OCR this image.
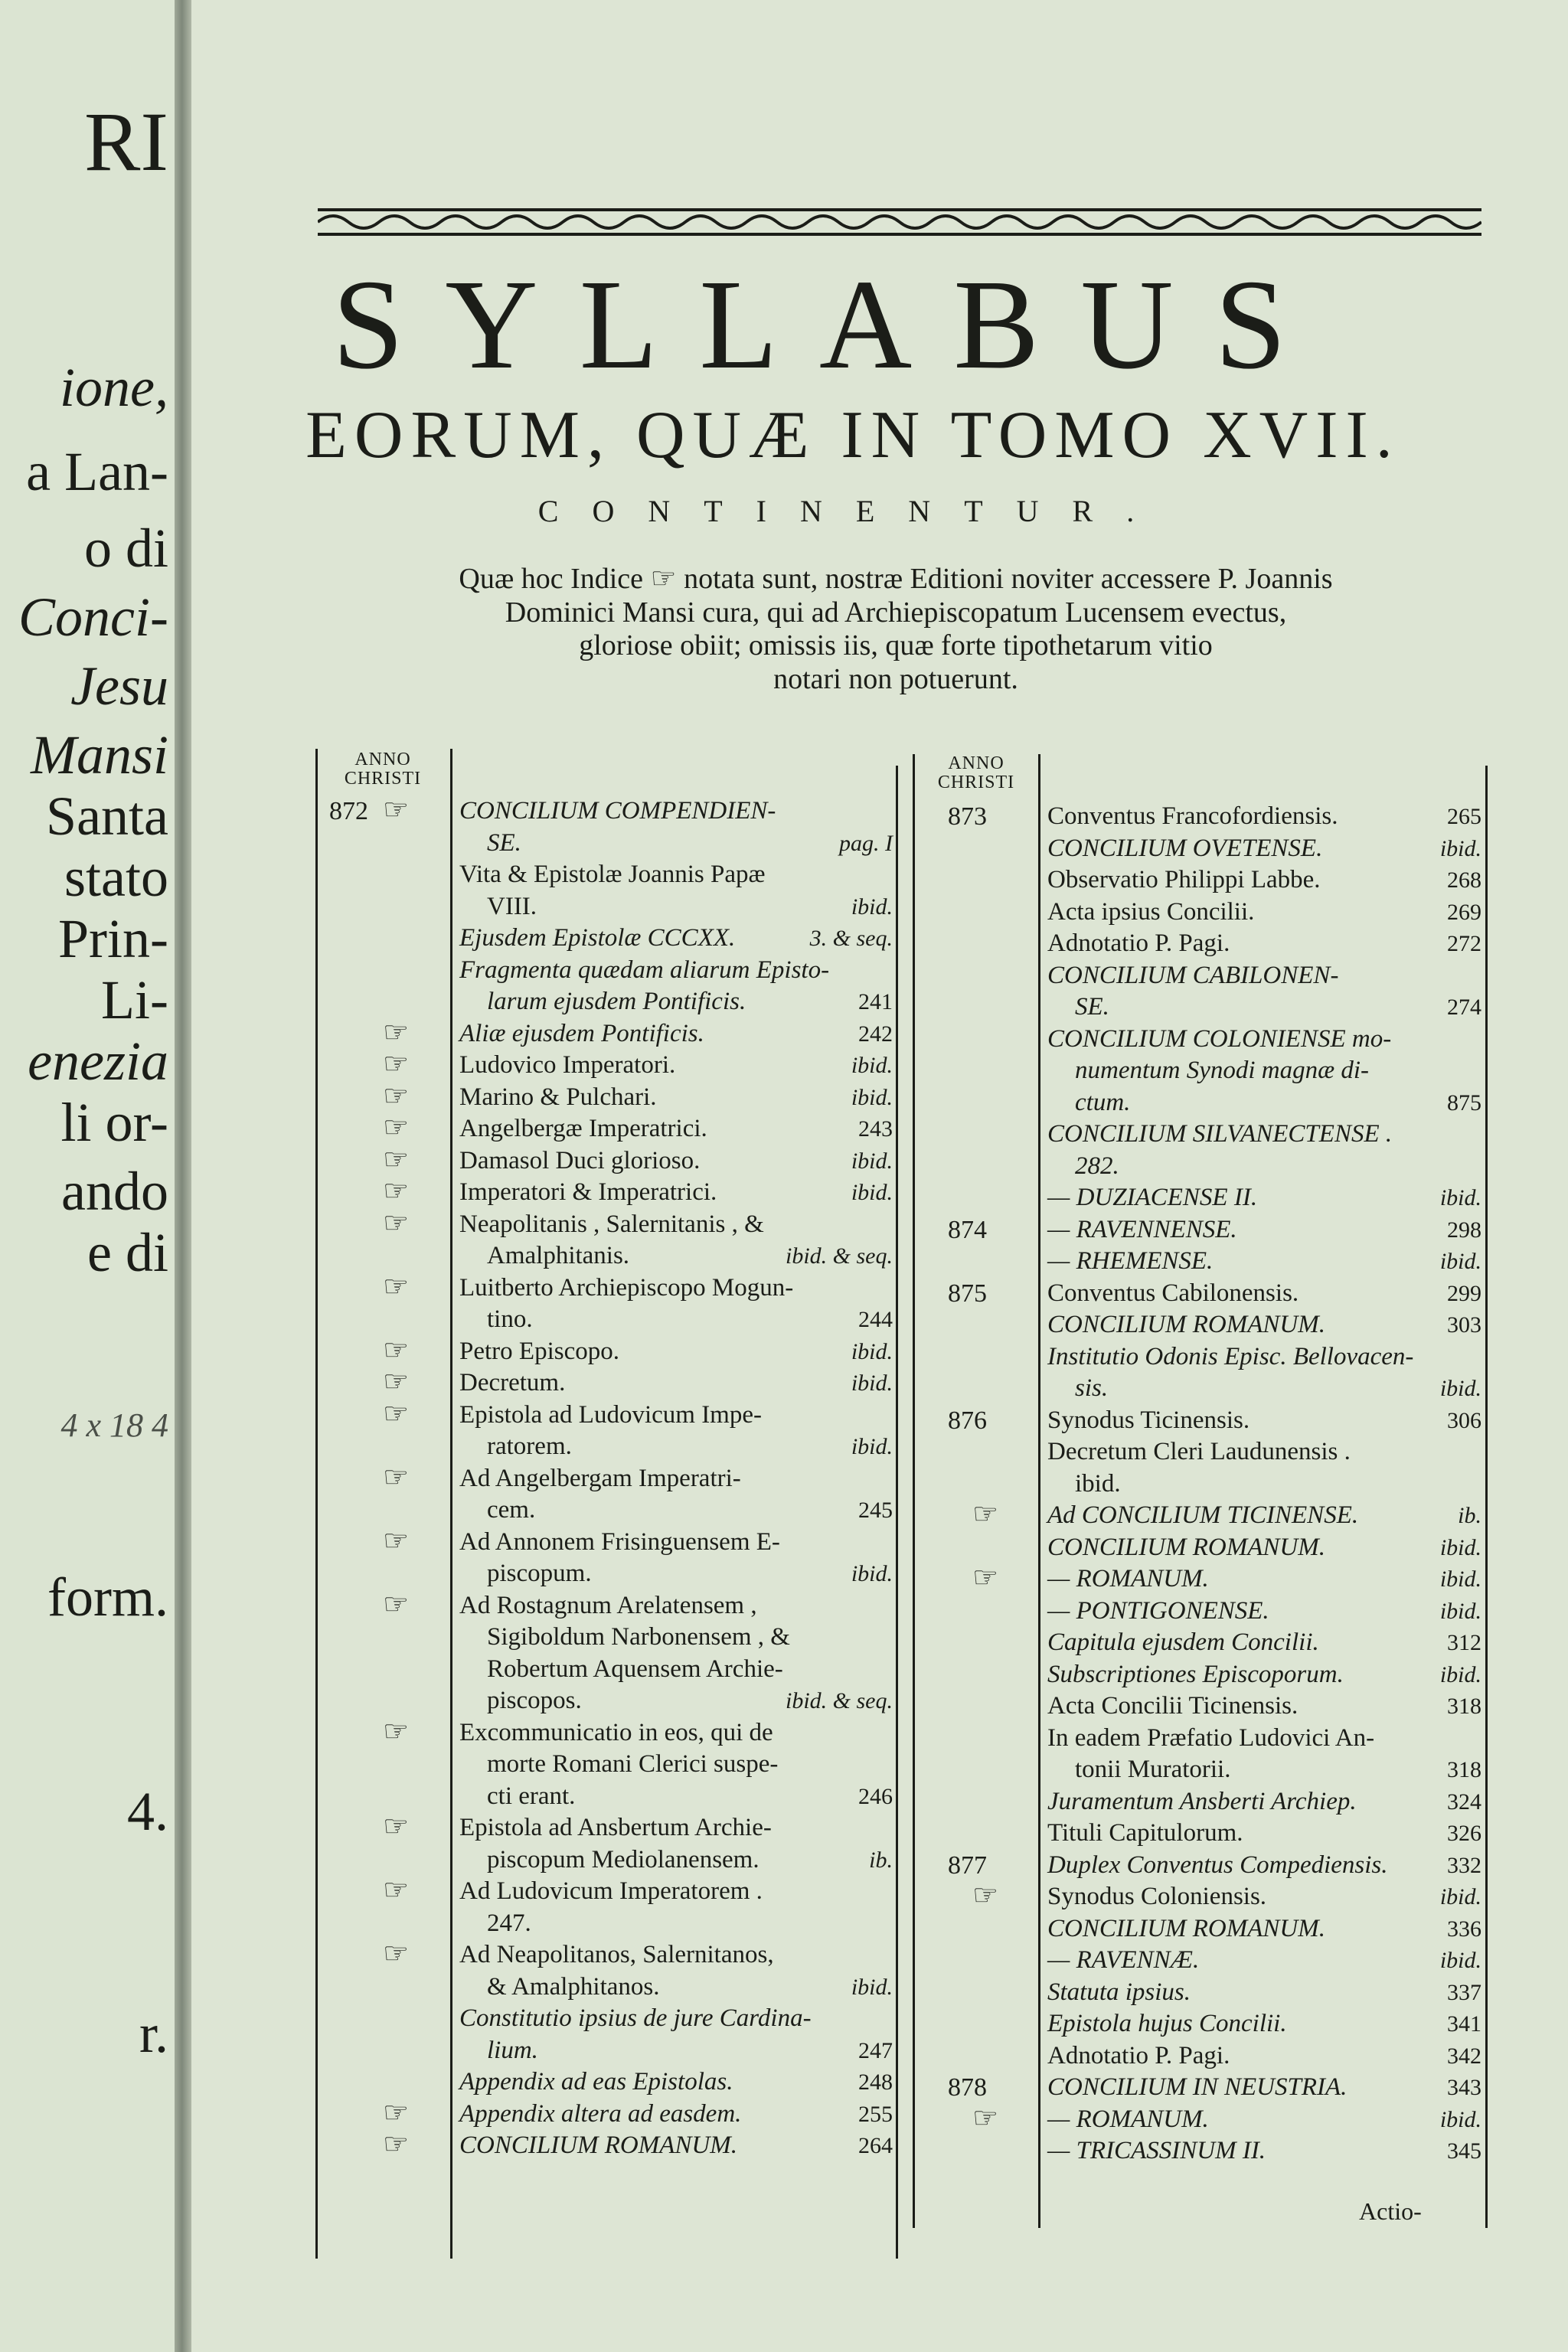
SYLLABUS
EORUM, QUÆ IN TOMO XVII.
CONTINENTUR.
Quæ hoc Indice ☞ notata sunt, nostræ Editioni noviter accessere P. Joannis
Dominici Mansi cura, qui ad Archiepiscopatum Lucensem evectus,
gloriose obiit; omissis iis, quæ forte tipothetarum vitio
notari non potuerunt.
RI
ione,
a Lan-
o di
Conci-
Jesu
Mansi
Santa
stato
Prin-
Li-
enezia
li or-
ando
e di
4 x 18 4
form.
4.
r.
ANNO CHRISTI
872 ☞ CONCILIUM COMPENDIEN-
SE.	pag. I
Vita & Epistolæ Joannis Papæ
VIII.	ibid.
Ejusdem Epistolæ CCCXX.	3. & seq.
Fragmenta quædam aliarum Episto-
larum ejusdem Pontificis.	241
☞ Aliæ ejusdem Pontificis.	242
☞ Ludovico Imperatori.	ibid.
☞ Marino & Pulchari.	ibid.
☞ Angelbergæ Imperatrici.	243
☞ Damasol Duci glorioso.	ibid.
☞ Imperatori & Imperatrici.	ibid.
☞ Neapolitanis , Salernitanis , &
Amalphitanis.	ibid. & seq.
☞ Luitberto Archiepiscopo Mogun-
tino.	244
☞ Petro Episcopo.	ibid.
☞ Decretum.	ibid.
☞ Epistola ad Ludovicum Impe-
ratorem.	ibid.
☞ Ad Angelbergam Imperatri-
cem.	245
☞ Ad Annonem Frisinguensem E-
piscopum.	ibid.
☞ Ad Rostagnum Arelatensem ,
Sigiboldum Narbonensem , &
Robertum Aquensem Archie-
piscopos.	ibid. & seq.
☞ Excommunicatio in eos, qui de
morte Romani Clerici suspe-
cti erant.	246
☞ Epistola ad Ansbertum Archie-
piscopum Mediolanensem.	ib.
☞ Ad Ludovicum Imperatorem .
247.
☞ Ad Neapolitanos, Salernitanos,
& Amalphitanos.	ibid.
Constitutio ipsius de jure Cardina-
lium.	247
Appendix ad eas Epistolas.	248
☞ Appendix altera ad easdem.	255
☞ CONCILIUM ROMANUM.	264
ANNO CHRISTI
873 Conventus Francofordiensis.	265
CONCILIUM OVETENSE.	ibid.
Observatio Philippi Labbe.	268
Acta ipsius Concilii.	269
Adnotatio P. Pagi.	272
CONCILIUM CABILONEN-
SE.	274
CONCILIUM COLONIENSE mo-
numentum Synodi magnæ di-
ctum.	875
CONCILIUM SILVANECTENSE .
282.
— DUZIACENSE II.	ibid.
874 — RAVENNENSE.	298
— RHEMENSE.	ibid.
875 Conventus Cabilonensis.	299
CONCILIUM ROMANUM.	303
Institutio Odonis Episc. Bellovacen-
sis.	ibid.
876 Synodus Ticinensis.	306
Decretum Cleri Laudunensis .
ibid.
☞ Ad CONCILIUM TICINENSE.	ib.
CONCILIUM ROMANUM.	ibid.
☞ — ROMANUM.	ibid.
— PONTIGONENSE.	ibid.
Capitula ejusdem Concilii.	312
Subscriptiones Episcoporum.	ibid.
Acta Concilii Ticinensis.	318
In eadem Præfatio Ludovici An-
tonii Muratorii.	318
Juramentum Ansberti Archiep.	324
Tituli Capitulorum.	326
877 Duplex Conventus Compediensis.	332
☞ Synodus Coloniensis.	ibid.
CONCILIUM ROMANUM.	336
— RAVENNÆ.	ibid.
Statuta ipsius.	337
Epistola hujus Concilii.	341
Adnotatio P. Pagi.	342
878 CONCILIUM IN NEUSTRIA.	343
☞ — ROMANUM.	ibid.
— TRICASSINUM II.	345
Actio-
